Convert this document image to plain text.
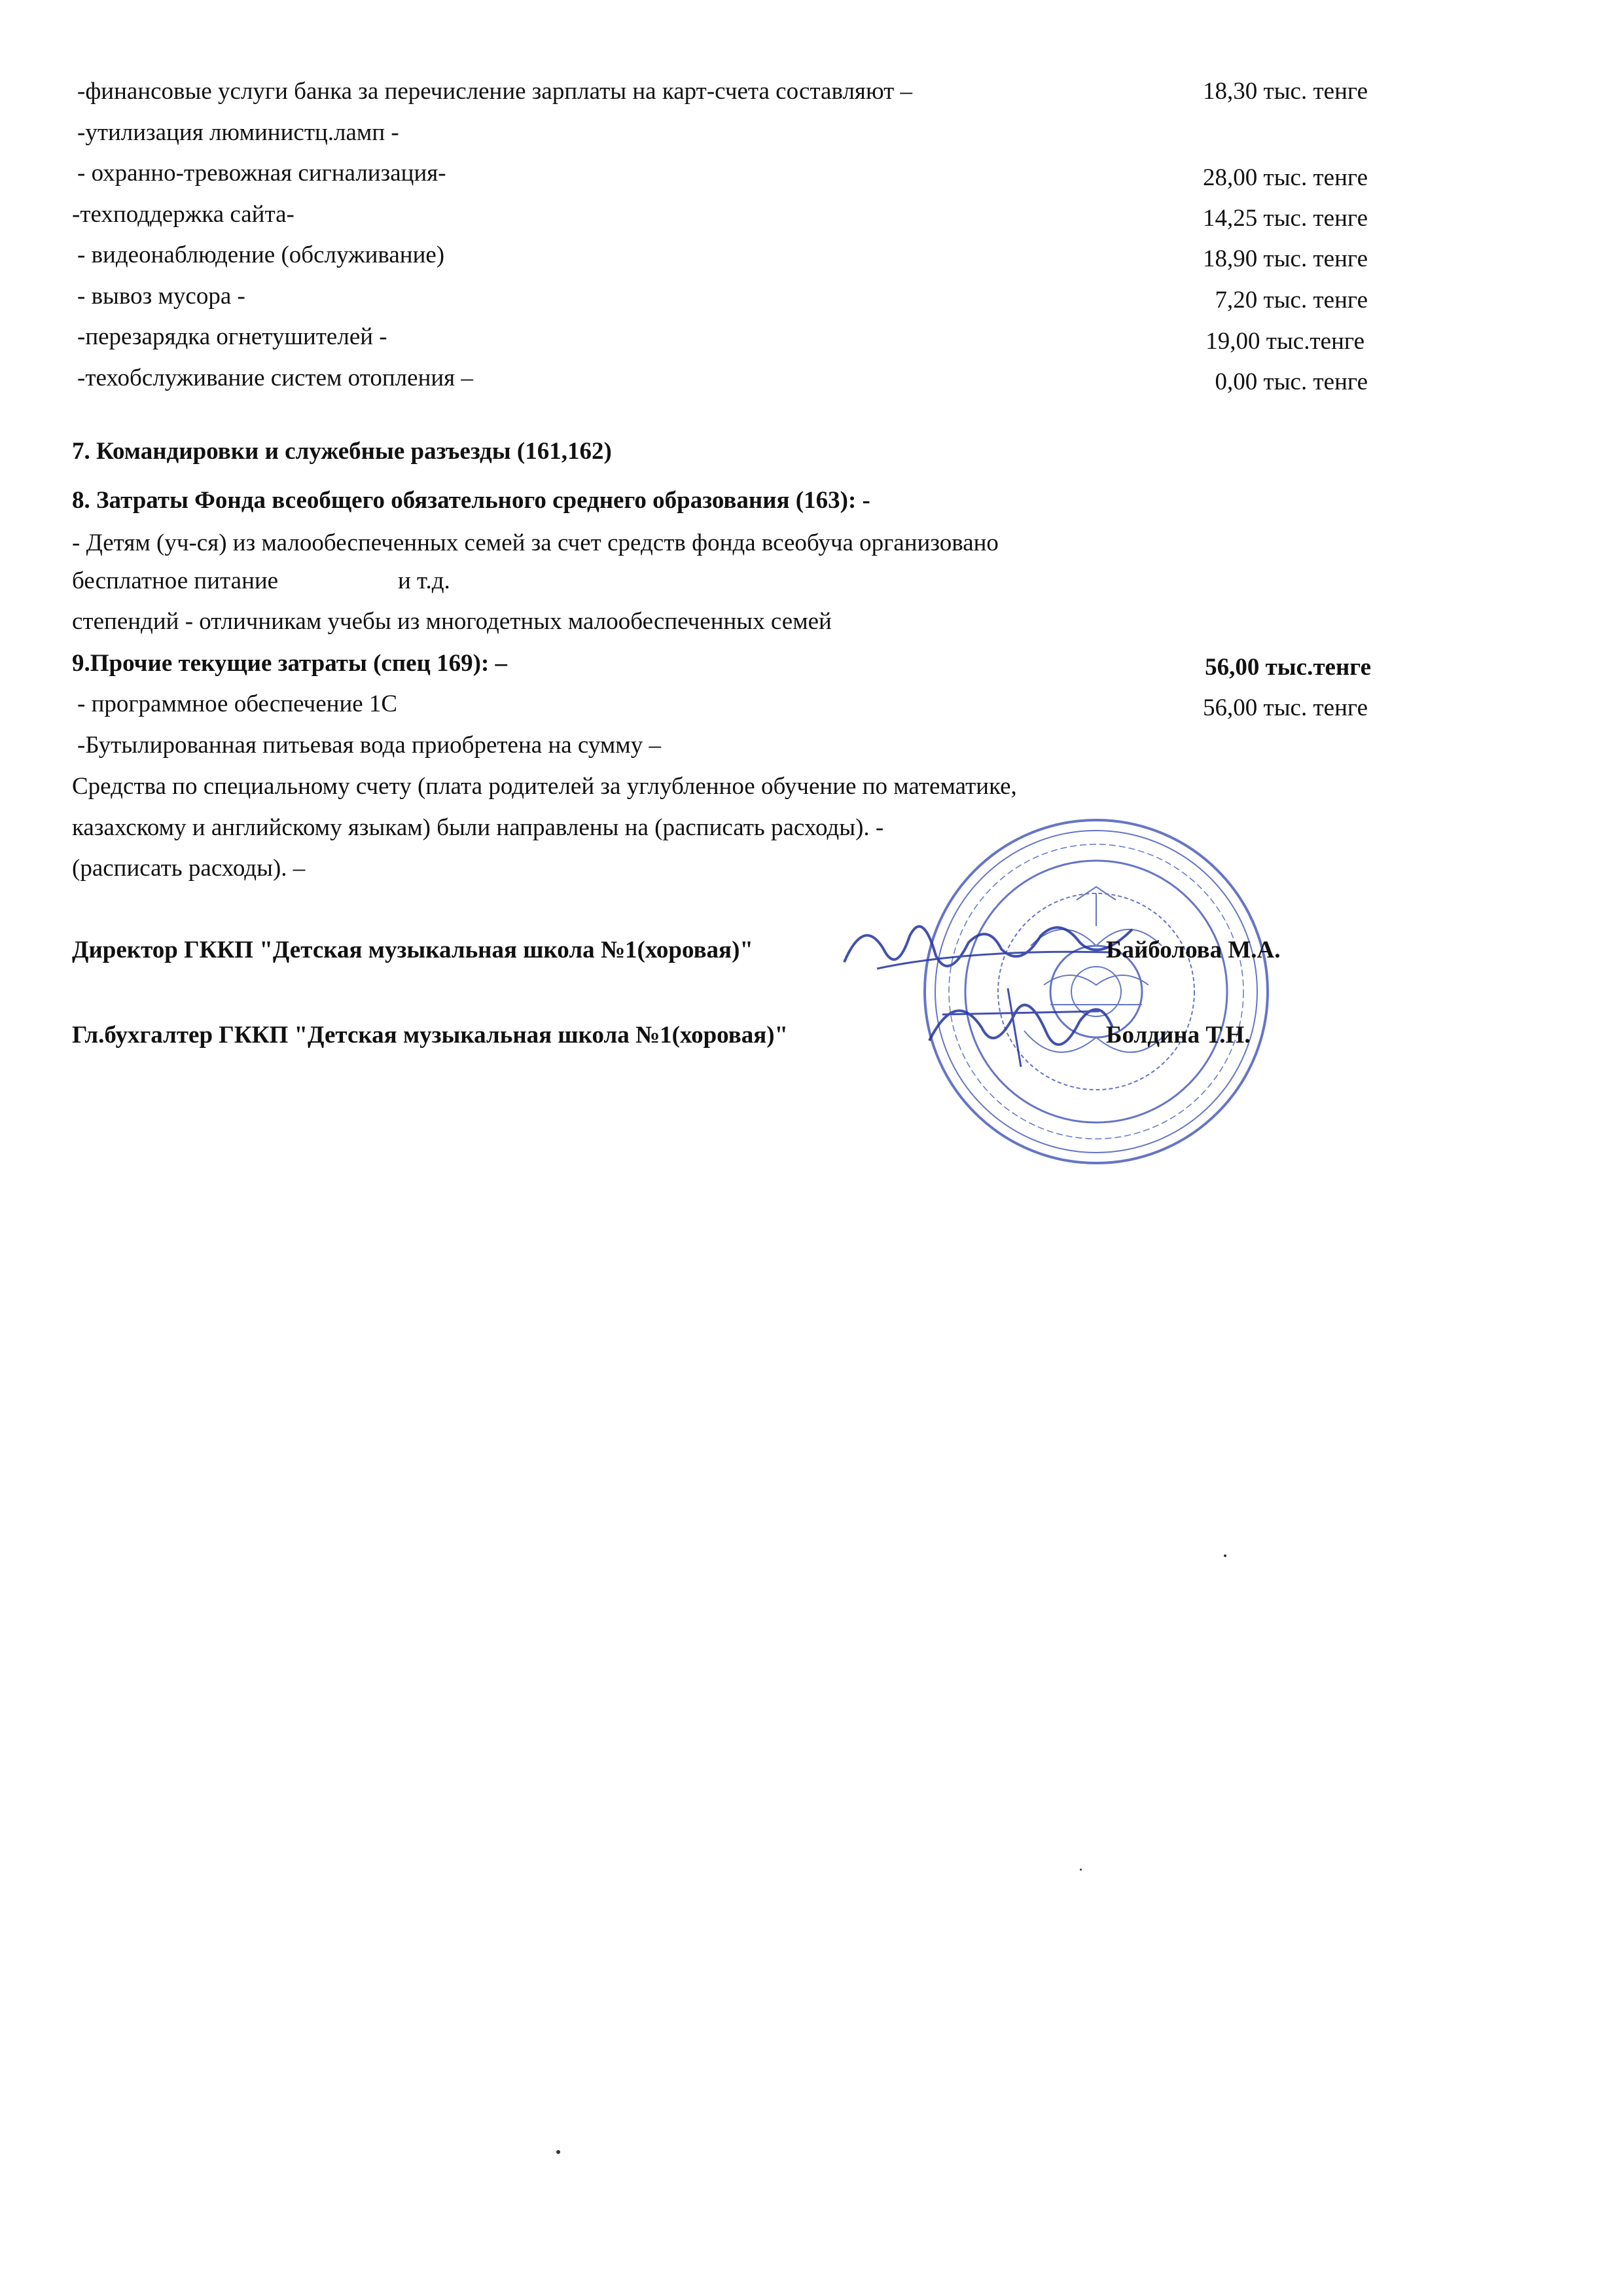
-финансовые услуги банка за перечисление зарплаты на карт-счета составляют –	18,30 тыс. тенге
-утилизация люминистц.ламп -
- охранно-тревожная сигнализация-	28,00 тыс. тенге
-техподдержка сайта-	14,25 тыс. тенге
- видеонаблюдение (обслуживание)	18,90 тыс. тенге
- вывоз мусора -	7,20 тыс. тенге
-перезарядка огнетушителей -	19,00 тыс.тенге
-техобслуживание систем отопления –	0,00 тыс. тенге
7. Командировки и служебные разъезды (161,162)
8. Затраты Фонда всеобщего обязательного среднего образования (163): -
- Детям (уч-ся) из малообеспеченных семей за счет средств фонда всеобуча организовано
бесплатное питание	и т.д.
степендий - отличникам учебы из многодетных малообеспеченных семей
9.Прочие текущие затраты (спец 169): –	56,00 тыс.тенге
- программное обеспечение 1С	56,00 тыс. тенге
-Бутылированная питьевая вода приобретена на сумму –
Средства по специальному счету (плата родителей за углубленное обучение по математике,
казахскому и английскому языкам) были направлены на (расписать расходы). -
(расписать расходы). –
Директор ГККП "Детская музыкальная школа №1(хоровая)"	Байболова М.А.
Гл.бухгалтер ГККП "Детская музыкальная школа №1(хоровая)"	Болдина Т.Н.
